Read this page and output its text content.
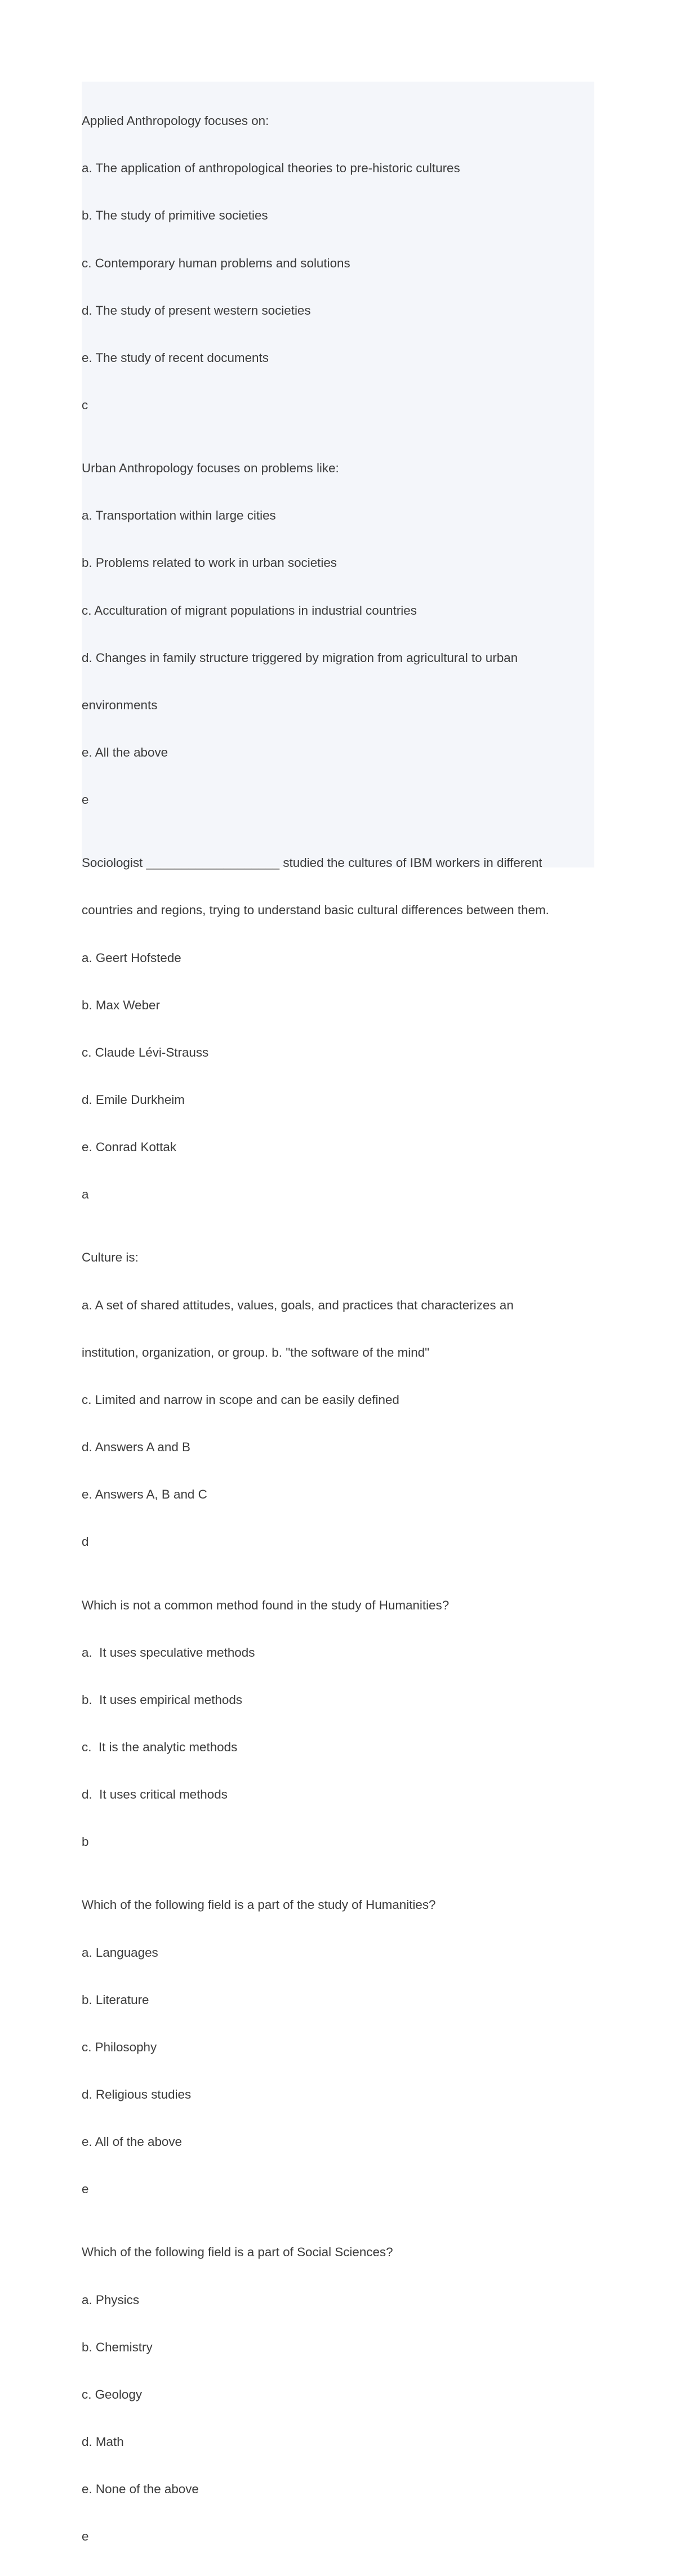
Applied Anthropology focuses on:

a. The application of anthropological theories to pre-historic cultures

b. The study of primitive societies

c. Contemporary human problems and solutions

d. The study of present western societies

e. The study of recent documents

c

Urban Anthropology focuses on problems like:

a. Transportation within large cities

b. Problems related to work in urban societies

c. Acculturation of migrant populations in industrial countries

d. Changes in family structure triggered by migration from agricultural to urban

environments

e. All the above

e

Sociologist ___________________ studied the cultures of IBM workers in different

countries and regions, trying to understand basic cultural differences between them.

a. Geert Hofstede

b. Max Weber

c. Claude Lévi-Strauss

d. Emile Durkheim

e. Conrad Kottak

a

Culture is:

a. A set of shared attitudes, values, goals, and practices that characterizes an

institution, organization, or group. b. "the software of the mind"

c. Limited and narrow in scope and can be easily defined

d. Answers A and B

e. Answers A, B and C

d

Which is not a common method found in the study of Humanities?

a.  It uses speculative methods

b.  It uses empirical methods

c.  It is the analytic methods

d.  It uses critical methods

b

Which of the following field is a part of the study of Humanities?

a. Languages

b. Literature

c. Philosophy

d. Religious studies

e. All of the above

e

Which of the following field is a part of Social Sciences?

a. Physics

b. Chemistry

c. Geology

d. Math

e. None of the above

e
